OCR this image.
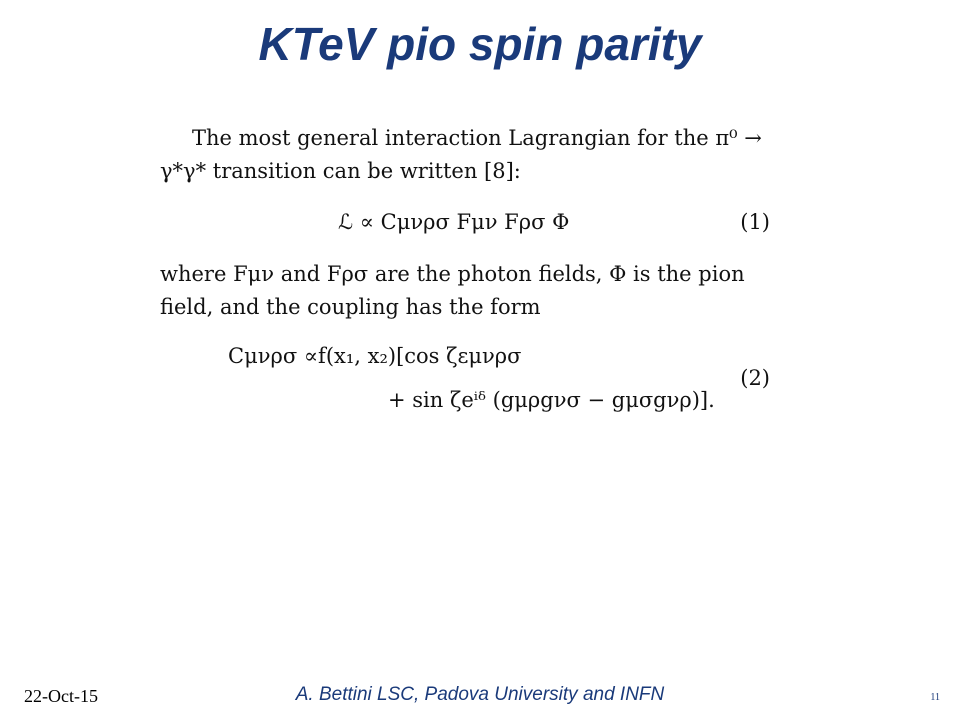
KTeV pio spin parity

The most general interaction Lagrangian for the π⁰ →

γ*γ* transition can be written [8]:

ℒ ∝ Cμνρσ Fμν Fρσ Φ	(1)

where Fμν and Fρσ are the photon fields, Φ is the pion

field, and the coupling has the form

Cμνρσ ∝f(x₁, x₂)[cos ζεμνρσ
+ sin ζeⁱᵟ (gμρgνσ − gμσgνρ)].
(2)
22-Oct-15	A. Bettini LSC, Padova University and INFN	11
